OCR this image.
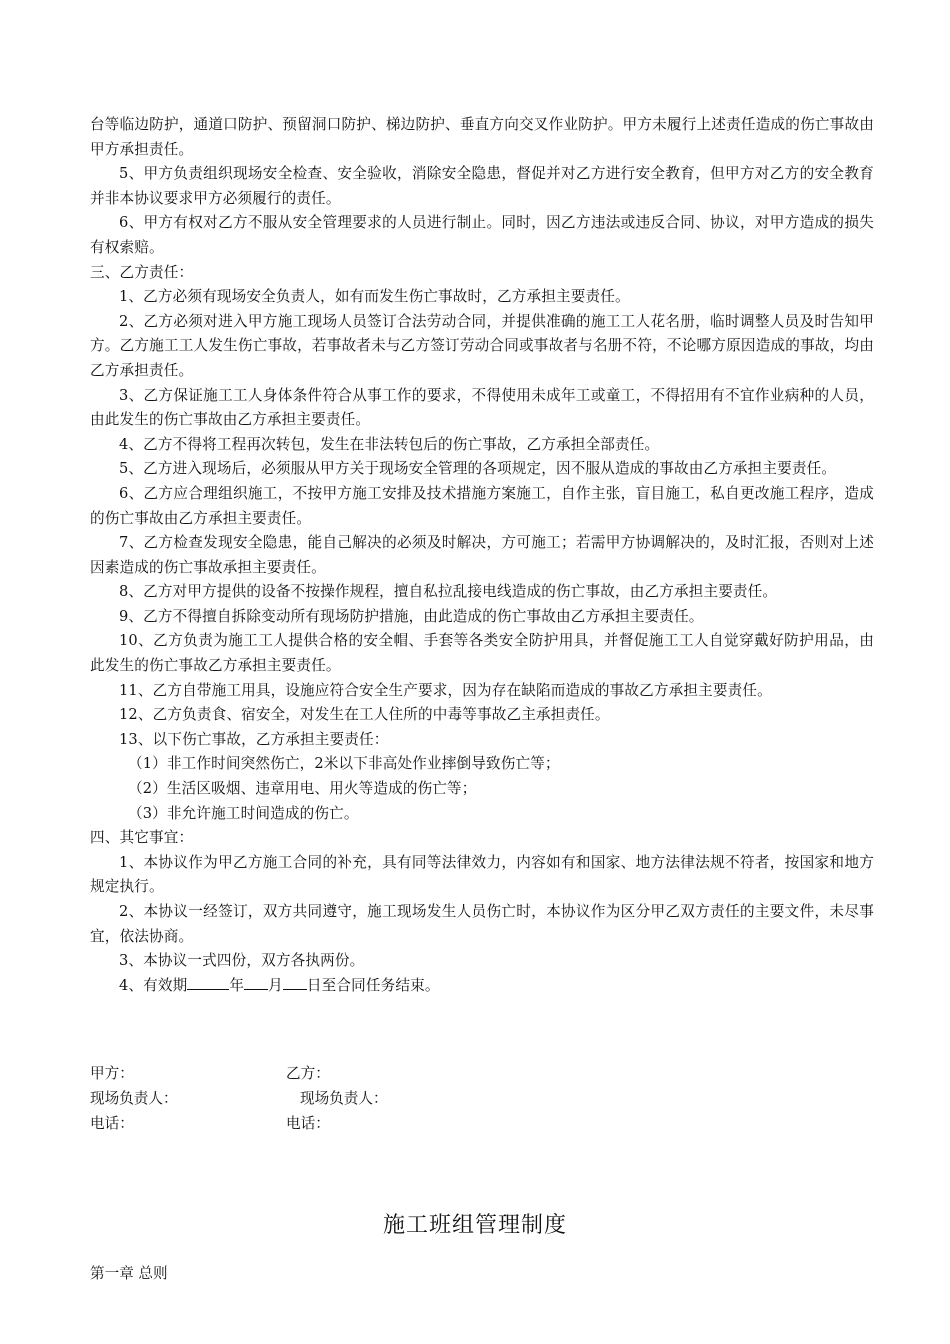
台等临边防护，通道口防护、预留洞口防护、梯边防护、垂直方向交叉作业防护。甲方未履行上述责任造成的伤亡事故由甲方承担责任。

5、甲方负责组织现场安全检查、安全验收，消除安全隐患，督促并对乙方进行安全教育，但甲方对乙方的安全教育并非本协议要求甲方必须履行的责任。

6、甲方有权对乙方不服从安全管理要求的人员进行制止。同时，因乙方违法或违反合同、协议，对甲方造成的损失有权索赔。

三、乙方责任：

1、乙方必须有现场安全负责人，如有而发生伤亡事故时，乙方承担主要责任。

2、乙方必须对进入甲方施工现场人员签订合法劳动合同，并提供准确的施工工人花名册，临时调整人员及时告知甲方。乙方施工工人发生伤亡事故，若事故者未与乙方签订劳动合同或事故者与名册不符，不论哪方原因造成的事故，均由乙方承担责任。

3、乙方保证施工工人身体条件符合从事工作的要求，不得使用未成年工或童工，不得招用有不宜作业病种的人员，由此发生的伤亡事故由乙方承担主要责任。

4、乙方不得将工程再次转包，发生在非法转包后的伤亡事故，乙方承担全部责任。

5、乙方进入现场后，必须服从甲方关于现场安全管理的各项规定，因不服从造成的事故由乙方承担主要责任。

6、乙方应合理组织施工，不按甲方施工安排及技术措施方案施工，自作主张，盲目施工，私自更改施工程序，造成的伤亡事故由乙方承担主要责任。

7、乙方检查发现安全隐患，能自己解决的必须及时解决，方可施工；若需甲方协调解决的，及时汇报，否则对上述因素造成的伤亡事故承担主要责任。

8、乙方对甲方提供的设备不按操作规程，擅自私拉乱接电线造成的伤亡事故，由乙方承担主要责任。

9、乙方不得擅自拆除变动所有现场防护措施，由此造成的伤亡事故由乙方承担主要责任。

10、乙方负责为施工工人提供合格的安全帽、手套等各类安全防护用具，并督促施工工人自觉穿戴好防护用品，由此发生的伤亡事故乙方承担主要责任。

11、乙方自带施工用具，设施应符合安全生产要求，因为存在缺陷而造成的事故乙方承担主要责任。

12、乙方负责食、宿安全，对发生在工人住所的中毒等事故乙主承担责任。

13、以下伤亡事故，乙方承担主要责任：

（1）非工作时间突然伤亡，2米以下非高处作业摔倒导致伤亡等；

（2）生活区吸烟、违章用电、用火等造成的伤亡等；

（3）非允许施工时间造成的伤亡。

四、其它事宜：

1、本协议作为甲乙方施工合同的补充，具有同等法律效力，内容如有和国家、地方法律法规不符者，按国家和地方规定执行。

2、本协议一经签订，双方共同遵守，施工现场发生人员伤亡时，本协议作为区分甲乙双方责任的主要文件，未尽事宜，依法协商。

3、本协议一式四份，双方各执两份。

4、有效期	年 月 日至合同任务结束。

甲方：	乙方：
现场负责人：	现场负责人：
电话：	电话：
施工班组管理制度
第一章 总则
